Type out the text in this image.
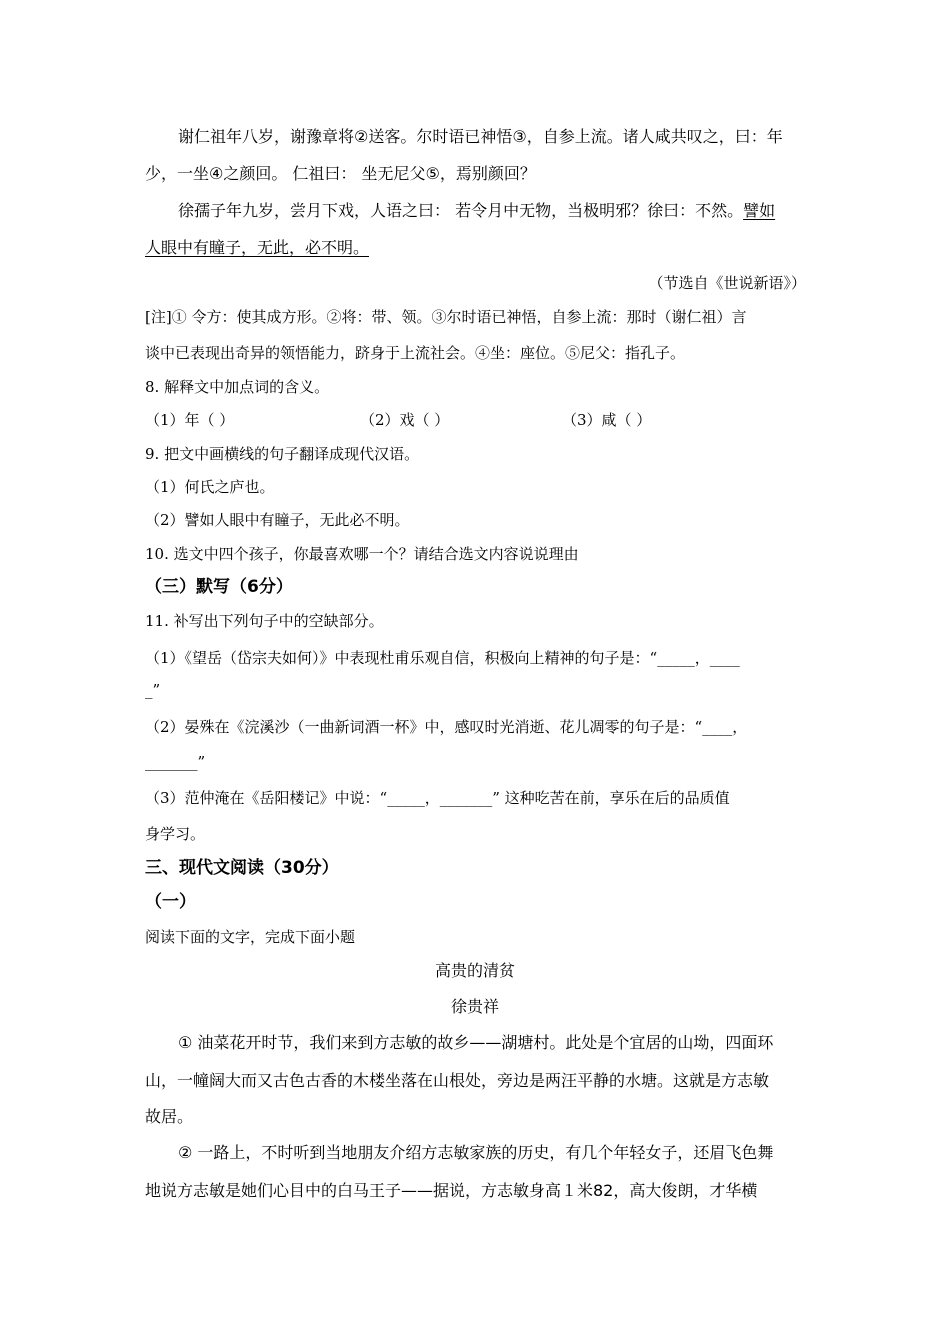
谢仁祖年八岁，谢豫章将②送客。尔时语已神悟③，自参上流。诸人咸共叹之，曰：年
少，一坐④之颜回。 仁祖曰： 坐无尼父⑤，焉别颜回？
徐孺子年九岁，尝月下戏，人语之曰： 若令月中无物，当极明邪？徐曰：不然。譬如
人眼中有瞳子，无此，必不明。
（节选自《世说新语》）
[注]① 令方：使其成方形。②将：带、领。③尔时语已神悟，自参上流：那时（谢仁祖）言
谈中已表现出奇异的领悟能力，跻身于上流社会。④坐：座位。⑤尼父：指孔子。
8. 解释文中加点词的含义。
（1）年（ ）	（2）戏（ ）	（3）咸（ ）
9. 把文中画横线的句子翻译成现代汉语。
（1）何氏之庐也。
（2）譬如人眼中有瞳子，无此必不明。
10. 选文中四个孩子，你最喜欢哪一个？请结合选文内容说说理由
（三）默写（6分）
11. 补写出下列句子中的空缺部分。
（1）《望岳（岱宗夫如何）》中表现杜甫乐观自信，积极向上精神的句子是：“_____，____
_”
（2）晏殊在《浣溪沙（一曲新词酒一杯》中，感叹时光消逝、花儿凋零的句子是：“____，
_______”
（3）范仲淹在《岳阳楼记》中说：“_____，_______” 这种吃苦在前，享乐在后的品质值
身学习。
三、现代文阅读（30分）
（一）
阅读下面的文字，完成下面小题
高贵的清贫
徐贵祥
① 油菜花开时节，我们来到方志敏的故乡——湖塘村。此处是个宜居的山坳，四面环
山，一幢阔大而又古色古香的木楼坐落在山根处，旁边是两汪平静的水塘。这就是方志敏
故居。
② 一路上，不时听到当地朋友介绍方志敏家族的历史，有几个年轻女子，还眉飞色舞
地说方志敏是她们心目中的白马王子——据说，方志敏身高１米82，高大俊朗，才华横
